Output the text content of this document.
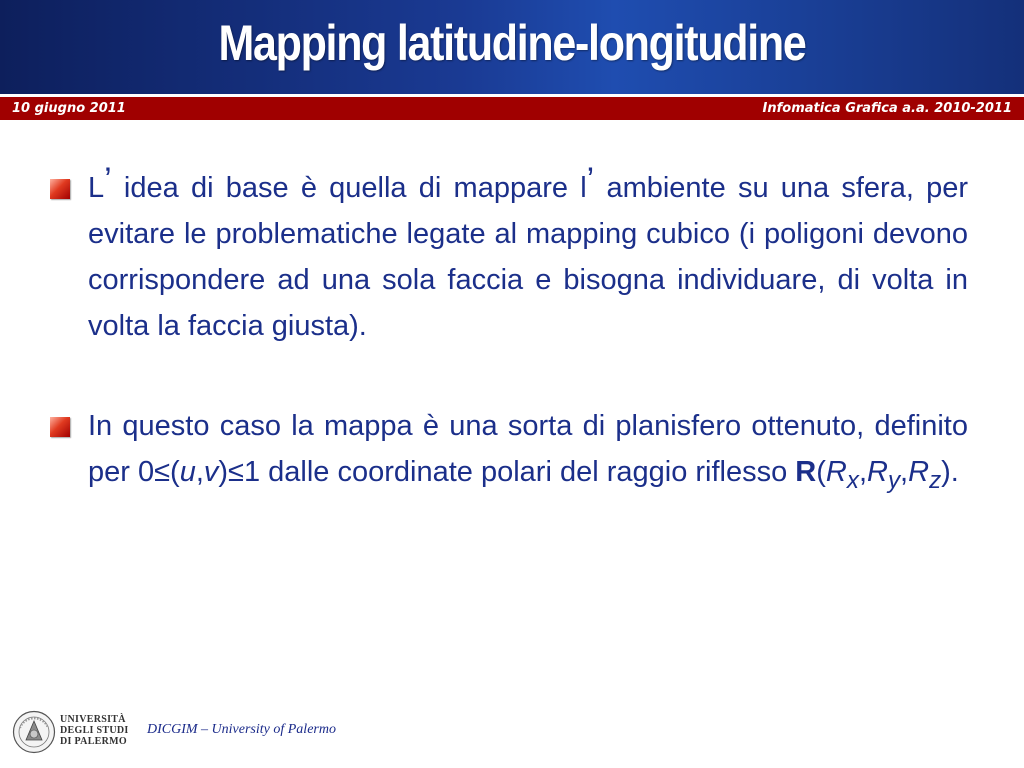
Mapping latitudine-longitudine
10 giugno 2011	Infomatica Grafica a.a. 2010-2011

L’ idea di base è quella di mappare l’ ambiente su una sfera, per evitare le problematiche legate al mapping cubico (i poligoni devono corrispondere ad una sola faccia e bisogna individuare, di volta in volta la faccia giusta).

In questo caso la mappa è una sorta di planisfero ottenuto, definito per 0≤(u,v)≤1 dalle coordinate polari del raggio riflesso $R(R_x,R_y,R_z)$.

UNIVERSITÀ
DEGLI STUDI
DI PALERMO
DICGIM – University of Palermo
